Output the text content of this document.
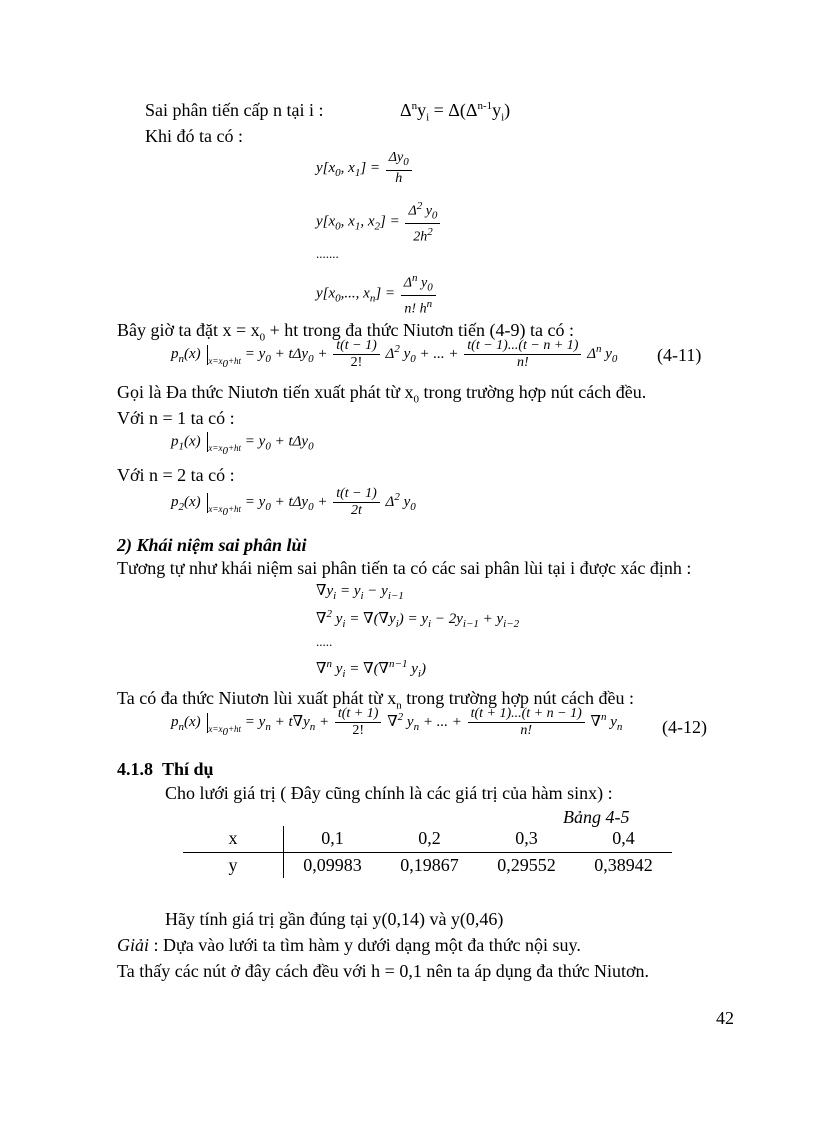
Sai phân tiến cấp n tại i :	$\Delta^ny_i = \Delta(\Delta^{n-1}y_i)$
Khi đó ta có :
$y[x_0$, $x_1] = \frac{\Delta y_0}{h}$
$y[x_0$, $x_1$, $x_2] = \frac{\Delta^2 y_0}{2h^2}$
.......
$y[x_0$,..., $x_n] = \frac{\Delta^n y_0}{n! h^n}$
Bây giờ ta đặt $x = x_0$ + ht trong đa thức Niutơn tiến (4-9) ta có :
$p_n(x) _{x=x_0+ht} = y_0 + t\Delta y_0 + \frac{t(t - 1)}{2!} \Delta^2$ $y_0$ + ... + $\frac{t(t - 1)...(t - n + 1)}{n!} \Delta^n$ $y_0$ (4-11)
Gọi là Đa thức Niutơn tiến xuất phát từ $x_0$ trong trường hợp nút cách đều.
Với n = 1 ta có :
$p_1(x) _{x=x_0+ht} = y_0 + t\Delta y_0$
Với n = 2 ta có :
$p_2(x) _{x=x_0+ht} = y_0 + t\Delta y_0 + \frac{t(t - 1)}{2t} \Delta^2$ $y_0$
2) Khái niệm sai phân lùi
Tương tự như khái niệm sai phân tiến ta có các sai phân lùi tại i được xác định :
$\nabla y_i = y_i - y_{i-1}$
∇$^2$ $y_i = \nabla(\nabla y_i) = y_i - 2y_{i-1} + y_{i-2}$
.....
∇$^n$ $y_i = \nabla(\nabla^{n-1}$ $y_i$)
Ta có đa thức Niutơn lùi xuất phát từ $x_n$ trong trường hợp nút cách đều :
$p_n(x) _{x=x_0+ht} = y_n + t\nabla y_n + \frac{t(t + 1)}{2!} \nabla^2$ $y_n$ + ... + $\frac{t(t + 1)...(t + n - 1)}{n!} \nabla^n$ $y_n$ (4-12)
4.1.8 Thí dụ
Cho lưới giá trị ( Đây cũng chính là các giá trị của hàm sinx) :
Bảng 4-5
x	0,1	0,2	0,3	0,4
y	0,09983	0,19867	0,29552	0,38942
Hãy tính giá trị gần đúng tại y(0,14) và y(0,46)
Giải : Dựa vào lưới ta tìm hàm y dưới dạng một đa thức nội suy.
Ta thấy các nút ở đây cách đều với h = 0,1 nên ta áp dụng đa thức Niutơn.
42
